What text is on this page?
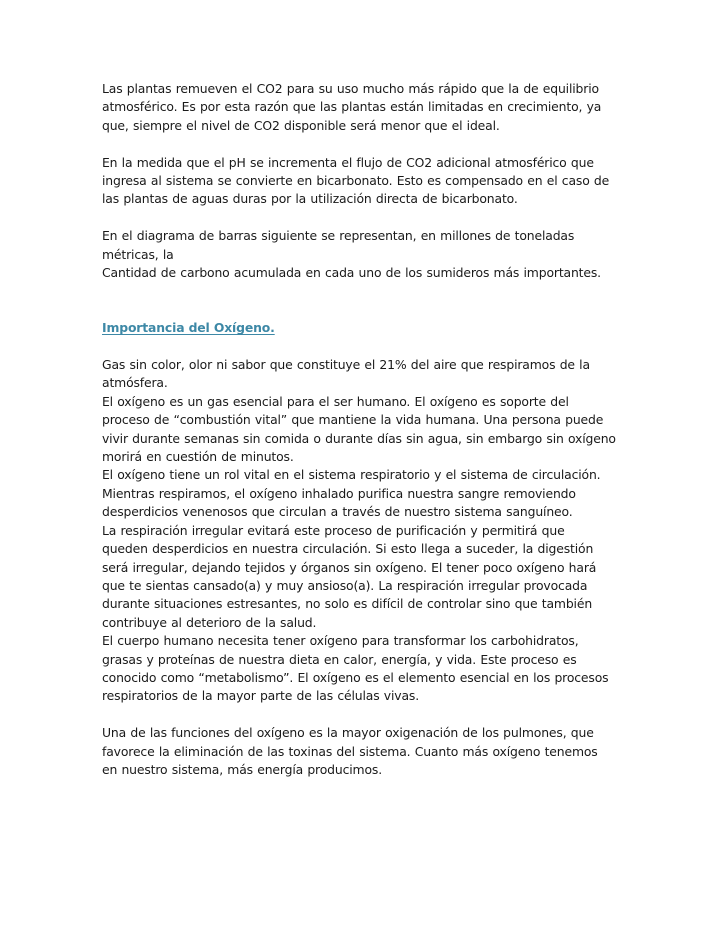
Las plantas remueven el CO2 para su uso mucho más rápido que la de equilibrio
atmosférico. Es por esta razón que las plantas están limitadas en crecimiento, ya
que, siempre el nivel de CO2 disponible será menor que el ideal.

En la medida que el pH se incrementa el flujo de CO2 adicional atmosférico que
ingresa al sistema se convierte en bicarbonato. Esto es compensado en el caso de
las plantas de aguas duras por la utilización directa de bicarbonato.

En el diagrama de barras siguiente se representan, en millones de toneladas
métricas, la
Cantidad de carbono acumulada en cada uno de los sumideros más importantes.

Importancia del Oxígeno.

Gas sin color, olor ni sabor que constituye el 21% del aire que respiramos de la
atmósfera.
El oxígeno es un gas esencial para el ser humano. El oxígeno es soporte del
proceso de “combustión vital” que mantiene la vida humana. Una persona puede
vivir durante semanas sin comida o durante días sin agua, sin embargo sin oxígeno
morirá en cuestión de minutos.
El oxígeno tiene un rol vital en el sistema respiratorio y el sistema de circulación.
Mientras respiramos, el oxígeno inhalado purifica nuestra sangre removiendo
desperdicios venenosos que circulan a través de nuestro sistema sanguíneo.
La respiración irregular evitará este proceso de purificación y permitirá que
queden desperdicios en nuestra circulación. Si esto llega a suceder, la digestión
será irregular, dejando tejidos y órganos sin oxígeno. El tener poco oxígeno hará
que te sientas cansado(a) y muy ansioso(a). La respiración irregular provocada
durante situaciones estresantes, no solo es difícil de controlar sino que también
contribuye al deterioro de la salud.
El cuerpo humano necesita tener oxígeno para transformar los carbohidratos,
grasas y proteínas de nuestra dieta en calor, energía, y vida. Este proceso es
conocido como “metabolismo”. El oxígeno es el elemento esencial en los procesos
respiratorios de la mayor parte de las células vivas.

Una de las funciones del oxígeno es la mayor oxigenación de los pulmones, que
favorece la eliminación de las toxinas del sistema. Cuanto más oxígeno tenemos
en nuestro sistema, más energía producimos.
